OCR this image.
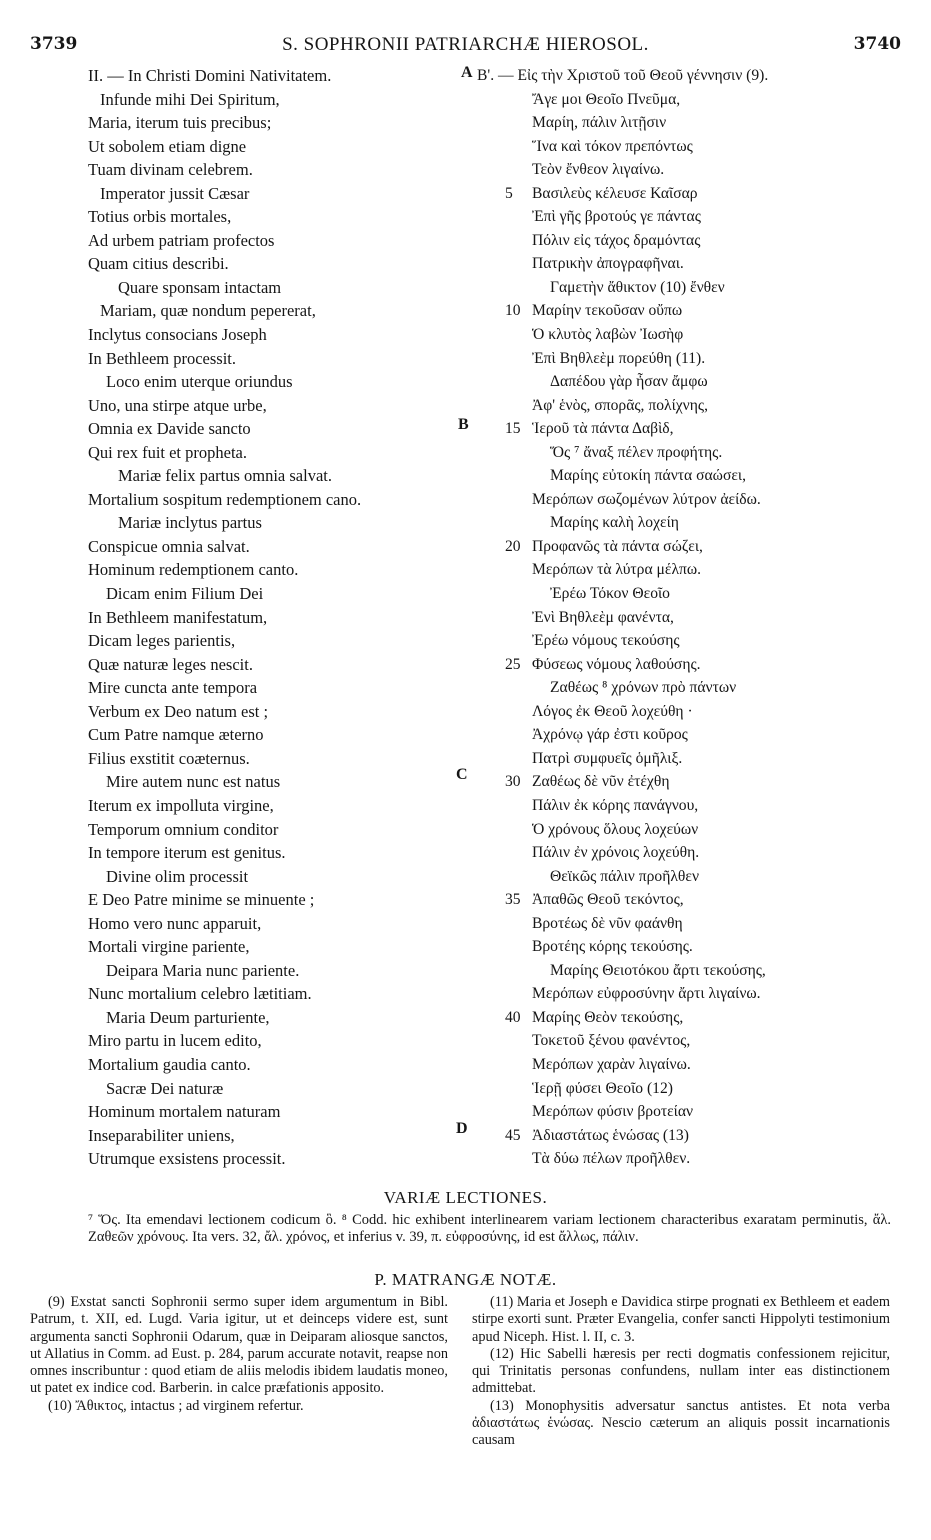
3739	S. SOPHRONII PATRIARCHÆ HIEROSOL.	3740
II. — In Christi Domini Nativitatem.
Infunde mihi Dei Spiritum,
Maria, iterum tuis precibus;
Ut sobolem etiam digne
Tuam divinam celebrem.
Imperator jussit Cæsar
Totius orbis mortales,
Ad urbem patriam profectos
Quam citius describi.
Quare sponsam intactam
Mariam, quæ nondum pepererat,
Inclytus consocians Joseph
In Bethleem processit.
Loco enim uterque oriundus
Uno, una stirpe atque urbe,
Omnia ex Davide sancto
Qui rex fuit et propheta.
Mariæ felix partus omnia salvat.
Mortalium sospitum redemptionem cano.
Mariæ inclytus partus
Conspicue omnia salvat.
Hominum redemptionem canto.
Dicam enim Filium Dei
In Bethleem manifestatum,
Dicam leges parientis,
Quæ naturæ leges nescit.
Mire cuncta ante tempora
Verbum ex Deo natum est ;
Cum Patre namque æterno
Filius exstitit coæternus.
Mire autem nunc est natus
Iterum ex impolluta virgine,
Temporum omnium conditor
In tempore iterum est genitus.
Divine olim processit
E Deo Patre minime se minuente ;
Homo vero nunc apparuit,
Mortali virgine pariente,
Deipara Maria nunc pariente.
Nunc mortalium celebro lætitiam.
Maria Deum parturiente,
Miro partu in lucem edito,
Mortalium gaudia canto.
Sacræ Dei naturæ
Hominum mortalem naturam
Inseparabiliter uniens,
Utrumque exsistens processit.
B'. — Εἰς τὴν Χριστοῦ τοῦ Θεοῦ γέννησιν (9).
Ἄγε μοι Θεοῖο Πνεῦμα,
Μαρίη, πάλιν λιτῇσιν
Ἵνα καὶ τόκον πρεπόντως
Τεὸν ἔνθεον λιγαίνω.
5 Βασιλεὺς κέλευσε Καῖσαρ
Ἐπὶ γῆς βροτούς γε πάντας
Πόλιν εἰς τάχος δραμόντας
Πατρικὴν ἀπογραφῆναι.
Γαμετὴν ἄθικτον (10) ἔνθεν
10 Μαρίην τεκοῦσαν οὔπω
Ὁ κλυτὸς λαβὼν Ἰωσὴφ
Ἐπὶ Βηθλεὲμ πορεύθη (11).
Δαπέδου γὰρ ἦσαν ἄμφω
Ἀφ' ἑνὸς, σπορᾶς, πολίχνης,
15 Ἱεροῦ τὰ πάντα Δαβὶδ,
Ὅς ⁷ ἄναξ πέλεν προφήτης.
Μαρίης εὐτοκίη πάντα σαώσει,
Μερόπων σωζομένων λύτρον ἀείδω.
Μαρίης καλὴ λοχείη
20 Προφανῶς τὰ πάντα σώζει,
Μερόπων τὰ λύτρα μέλπω.
Ἐρέω Τόκον Θεοῖο
Ἐνὶ Βηθλεὲμ φανέντα,
Ἐρέω νόμους τεκούσης
25 Φύσεως νόμους λαθούσης.
Ζαθέως ⁸ χρόνων πρὸ πάντων
Λόγος ἐκ Θεοῦ λοχεύθη ·
Ἀχρόνῳ γάρ ἐστι κοῦρος
Πατρὶ συμφυεῖς ὁμῆλιξ.
30 Ζαθέως δὲ νῦν ἐτέχθη
Πάλιν ἐκ κόρης πανάγνου,
Ὁ χρόνους ὅλους λοχεύων
Πάλιν ἐν χρόνοις λοχεύθη.
Θεϊκῶς πάλιν προῆλθεν
35 Ἀπαθῶς Θεοῦ τεκόντος,
Βροτέως δὲ νῦν φαάνθη
Βροτέης κόρης τεκούσης.
Μαρίης Θειοτόκου ἄρτι τεκούσης,
Μερόπων εὐφροσύνην ἄρτι λιγαίνω.
40 Μαρίης Θεὸν τεκούσης,
Τοκετοῦ ξένου φανέντος,
Μερόπων χαρὰν λιγαίνω.
Ἱερῇ φύσει Θεοῖο (12)
Μερόπων φύσιν βροτείαν
45 Ἀδιαστάτως ἑνώσας (13)
Τὰ δύω πέλων προῆλθεν.
A
B
C
D
VARIÆ LECTIONES.
⁷ Ὅς. Ita emendavi lectionem codicum ὃ. ⁸ Codd. hic exhibent interlinearem variam lectionem characteribus exaratam perminutis, ἄλ. Ζαθεῶν χρόνους. Ita vers. 32, ἄλ. χρόνος, et inferius v. 39, π. εὐφροσύνης, id est ἄλλως, πάλιν.
P. MATRANGÆ NOTÆ.

(9) Exstat sancti Sophronii sermo super idem argumentum in Bibl. Patrum, t. XII, ed. Lugd. Varia igitur, ut et deinceps videre est, sunt argumenta sancti Sophronii Odarum, quæ in Deiparam aliosque sanctos, ut Allatius in Comm. ad Eust. p. 284, parum accurate notavit, reapse non omnes inscribuntur : quod etiam de aliis melodis ibidem laudatis moneo, ut patet ex indice cod. Barberin. in calce præfationis apposito.

(10) Ἄθικτος, intactus ; ad virginem refertur.

(11) Maria et Joseph e Davidica stirpe prognati ex Bethleem et eadem stirpe exorti sunt. Præter Evangelia, confer sancti Hippolyti testimonium apud Niceph. Hist. l. II, c. 3.

(12) Hic Sabelli hæresis per recti dogmatis confessionem rejicitur, qui Trinitatis personas confundens, nullam inter eas distinctionem admittebat.

(13) Monophysitis adversatur sanctus antistes. Et nota verba ἀδιαστάτως ἑνώσας. Nescio cæterum an aliquis possit incarnationis causam
